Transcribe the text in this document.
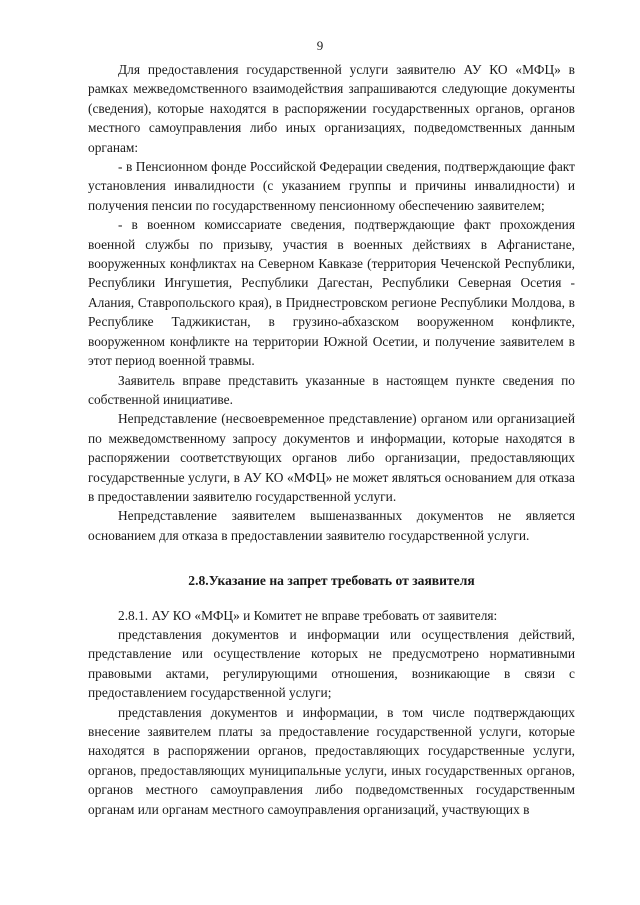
9

Для предоставления государственной услуги заявителю АУ КО «МФЦ» в рамках межведомственного взаимодействия запрашиваются следующие документы (сведения), которые находятся в распоряжении государственных органов, органов местного самоуправления либо иных организациях, подведомственных данным органам:

- в Пенсионном фонде Российской Федерации сведения, подтверждающие факт установления инвалидности (с указанием группы и причины инвалидности) и получения пенсии по государственному пенсионному обеспечению заявителем;

- в военном комиссариате сведения, подтверждающие факт прохождения военной службы по призыву, участия в военных действиях в Афганистане, вооруженных конфликтах на Северном Кавказе (территория Чеченской Республики, Республики Ингушетия, Республики Дагестан, Республики Северная Осетия - Алания, Ставропольского края), в Приднестровском регионе Республики Молдова, в Республике Таджикистан, в грузино-абхазском вооруженном конфликте, вооруженном конфликте на территории Южной Осетии, и получение заявителем в этот период военной травмы.

Заявитель вправе представить указанные в настоящем пункте сведения по собственной инициативе.

Непредставление (несвоевременное представление) органом или организацией по межведомственному запросу документов и информации, которые находятся в распоряжении соответствующих органов либо организации, предоставляющих государственные услуги, в АУ КО «МФЦ» не может являться основанием для отказа в предоставлении заявителю государственной услуги.

Непредставление заявителем вышеназванных документов не является основанием для отказа в предоставлении заявителю государственной услуги.

2.8.Указание на запрет требовать от заявителя

2.8.1. АУ КО «МФЦ» и Комитет не вправе требовать от заявителя:

представления документов и информации или осуществления действий, представление или осуществление которых не предусмотрено нормативными правовыми актами, регулирующими отношения, возникающие в связи с предоставлением государственной услуги;

представления документов и информации, в том числе подтверждающих внесение заявителем платы за предоставление государственной услуги, которые находятся в распоряжении органов, предоставляющих государственные услуги, органов, предоставляющих муниципальные услуги, иных государственных органов, органов местного самоуправления либо подведомственных государственным органам или органам местного самоуправления организаций, участвующих в
